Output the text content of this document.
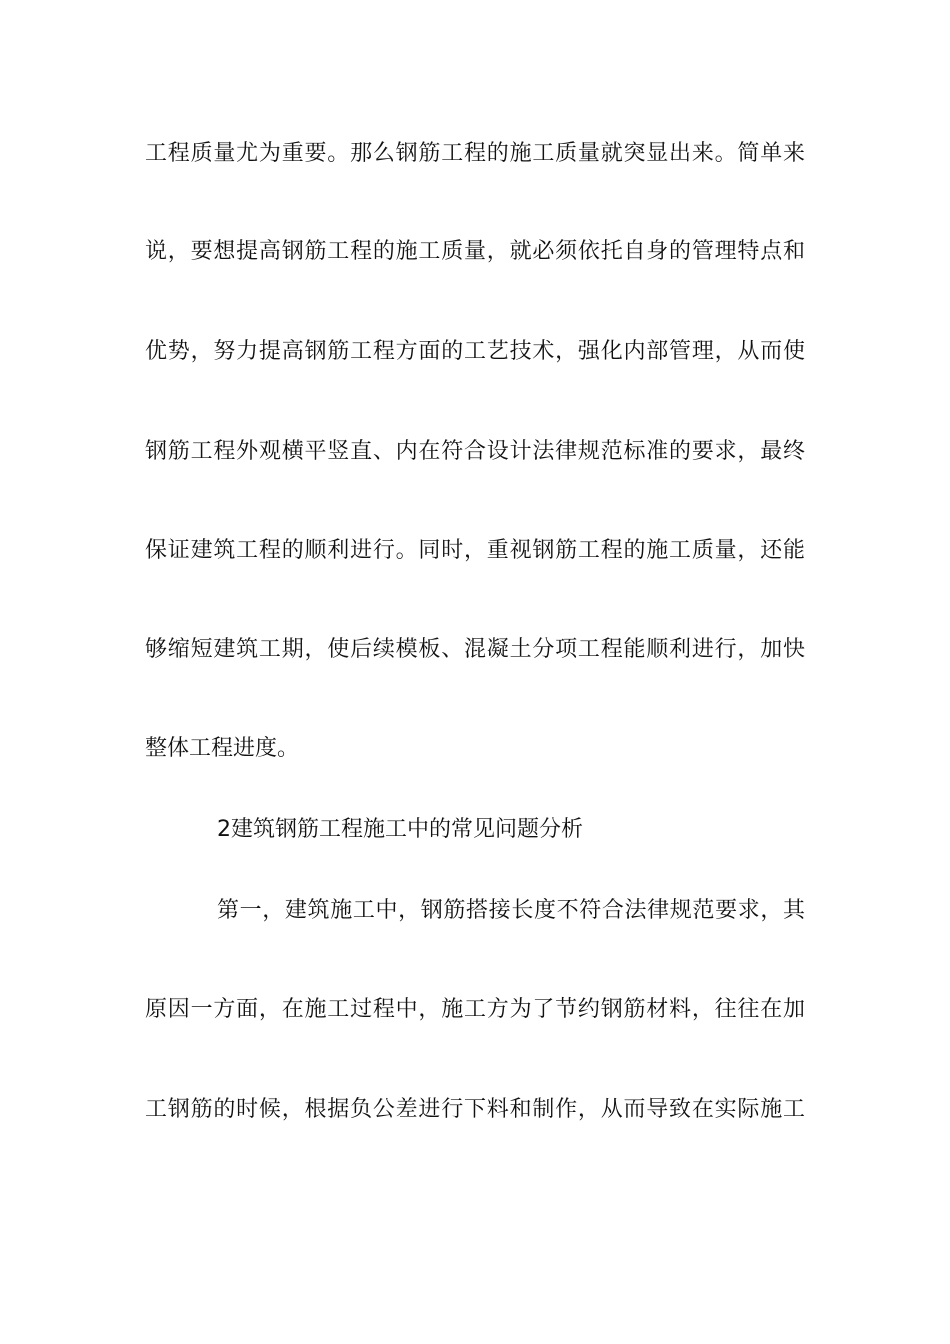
工程质量尤为重要。那么钢筋工程的施工质量就突显出来。简单来
说，要想提高钢筋工程的施工质量，就必须依托自身的管理特点和
优势，努力提高钢筋工程方面的工艺技术，强化内部管理，从而使
钢筋工程外观横平竖直、内在符合设计法律规范标准的要求，最终
保证建筑工程的顺利进行。同时，重视钢筋工程的施工质量，还能
够缩短建筑工期，使后续模板、混凝土分项工程能顺利进行，加快
整体工程进度。
2建筑钢筋工程施工中的常见问题分析
第一，建筑施工中，钢筋搭接长度不符合法律规范要求，其
原因一方面，在施工过程中，施工方为了节约钢筋材料，往往在加
工钢筋的时候，根据负公差进行下料和制作，从而导致在实际施工
